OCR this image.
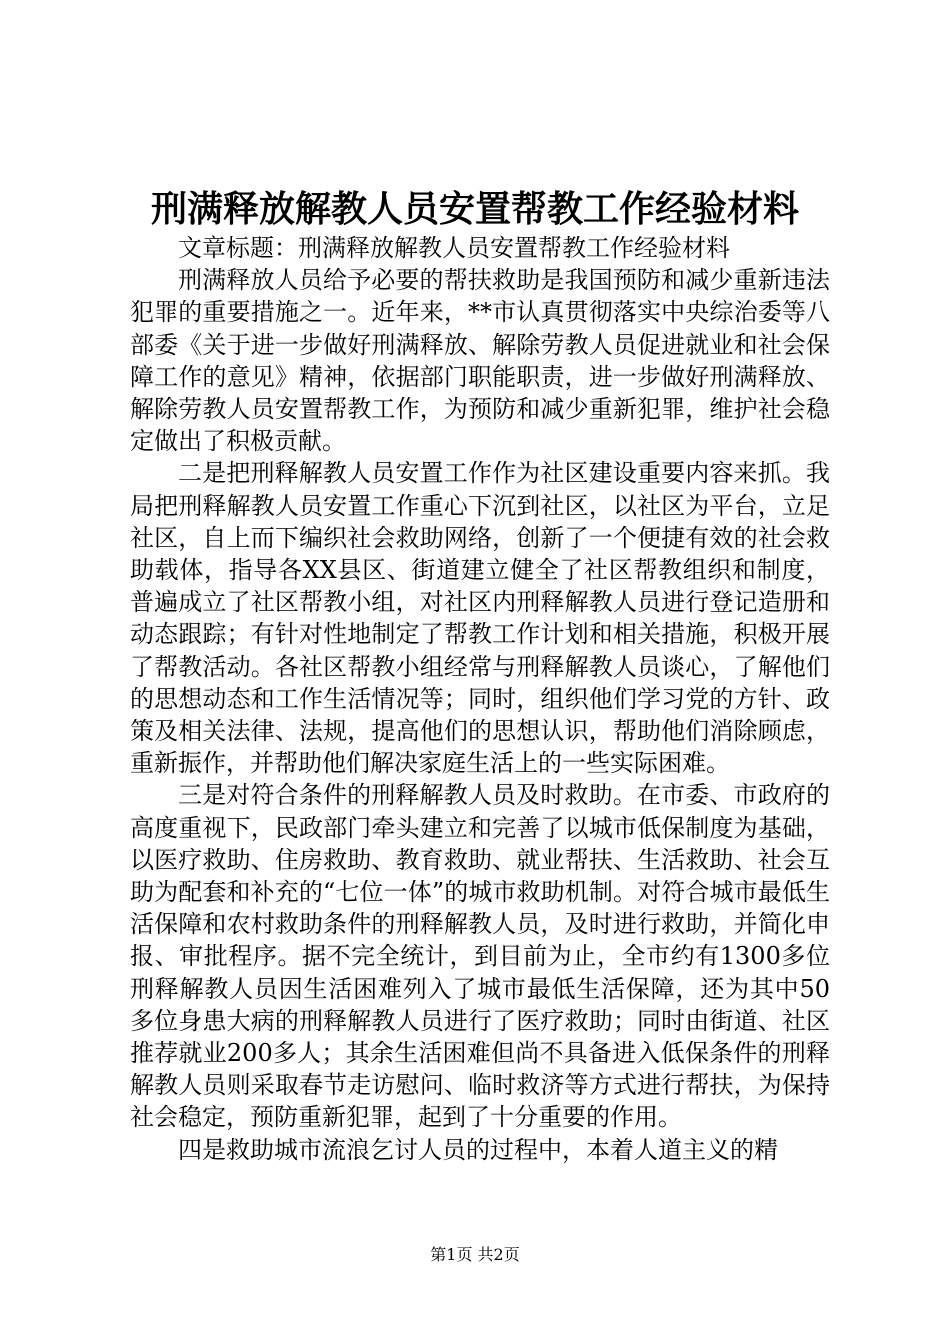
刑满释放解教人员安置帮教工作经验材料

文章标题：刑满释放解教人员安置帮教工作经验材料

刑满释放人员给予必要的帮扶救助是我国预防和减少重新违法犯罪的重要措施之一。近年来，**市认真贯彻落实中央综治委等八部委《关于进一步做好刑满释放、解除劳教人员促进就业和社会保障工作的意见》精神，依据部门职能职责，进一步做好刑满释放、解除劳教人员安置帮教工作，为预防和减少重新犯罪，维护社会稳定做出了积极贡献。

二是把刑释解教人员安置工作作为社区建设重要内容来抓。我局把刑释解教人员安置工作重心下沉到社区，以社区为平台，立足社区，自上而下编织社会救助网络，创新了一个便捷有效的社会救助载体，指导各XX县区、街道建立健全了社区帮教组织和制度，普遍成立了社区帮教小组，对社区内刑释解教人员进行登记造册和动态跟踪；有针对性地制定了帮教工作计划和相关措施，积极开展了帮教活动。各社区帮教小组经常与刑释解教人员谈心，了解他们的思想动态和工作生活情况等；同时，组织他们学习党的方针、政策及相关法律、法规，提高他们的思想认识，帮助他们消除顾虑，重新振作，并帮助他们解决家庭生活上的一些实际困难。

三是对符合条件的刑释解教人员及时救助。在市委、市政府的高度重视下，民政部门牵头建立和完善了以城市低保制度为基础，以医疗救助、住房救助、教育救助、就业帮扶、生活救助、社会互助为配套和补充的“七位一体”的城市救助机制。对符合城市最低生活保障和农村救助条件的刑释解教人员，及时进行救助，并简化申报、审批程序。据不完全统计，到目前为止，全市约有1300多位刑释解教人员因生活困难列入了城市最低生活保障，还为其中50多位身患大病的刑释解教人员进行了医疗救助；同时由街道、社区推荐就业200多人；其余生活困难但尚不具备进入低保条件的刑释解教人员则采取春节走访慰问、临时救济等方式进行帮扶，为保持社会稳定，预防重新犯罪，起到了十分重要的作用。

四是救助城市流浪乞讨人员的过程中，本着人道主义的精

第1页 共2页
